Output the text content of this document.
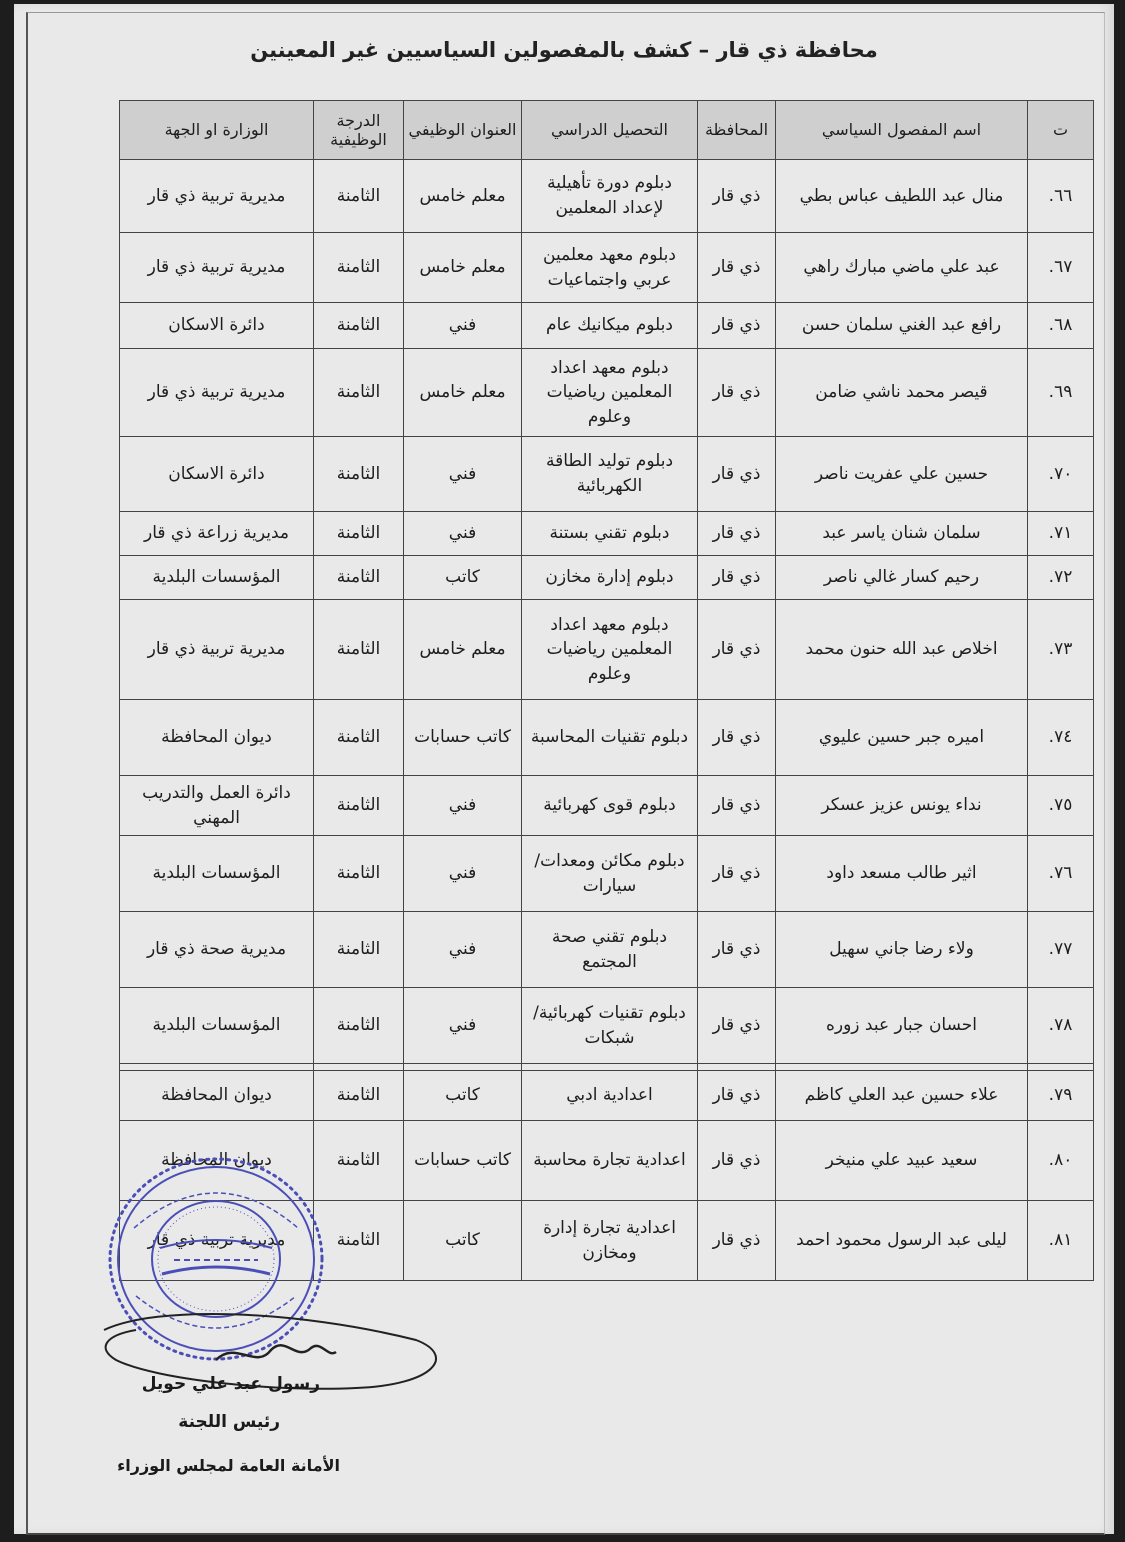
محافظة ذي قار – كشف بالمفصولين السياسيين غير المعينين
ت	اسم المفصول السياسي	المحافظة	التحصيل الدراسي	العنوان الوظيفي	الدرجة الوظيفية	الوزارة او الجهة
٦٦.	منال عبد اللطيف عباس بطي	ذي قار	دبلوم دورة تأهيلية لإعداد المعلمين	معلم خامس	الثامنة	مديرية تربية ذي قار
٦٧.	عبد علي ماضي مبارك راهي	ذي قار	دبلوم معهد معلمين عربي واجتماعيات	معلم خامس	الثامنة	مديرية تربية ذي قار
٦٨.	رافع عبد الغني سلمان حسن	ذي قار	دبلوم ميكانيك عام	فني	الثامنة	دائرة الاسكان
٦٩.	قيصر محمد ناشي ضامن	ذي قار	دبلوم معهد اعداد المعلمين رياضيات وعلوم	معلم خامس	الثامنة	مديرية تربية ذي قار
٧٠.	حسين علي عفريت ناصر	ذي قار	دبلوم توليد الطاقة الكهربائية	فني	الثامنة	دائرة الاسكان
٧١.	سلمان شنان ياسر عبد	ذي قار	دبلوم تقني بستنة	فني	الثامنة	مديرية زراعة ذي قار
٧٢.	رحيم كسار غالي ناصر	ذي قار	دبلوم إدارة مخازن	كاتب	الثامنة	المؤسسات البلدية
٧٣.	اخلاص عبد الله حنون محمد	ذي قار	دبلوم معهد اعداد المعلمين رياضيات وعلوم	معلم خامس	الثامنة	مديرية تربية ذي قار
٧٤.	اميره جبر حسين عليوي	ذي قار	دبلوم تقنيات المحاسبة	كاتب حسابات	الثامنة	ديوان المحافظة
٧٥.	نداء يونس عزيز عسكر	ذي قار	دبلوم قوى كهربائية	فني	الثامنة	دائرة العمل والتدريب المهني
٧٦.	اثير طالب مسعد داود	ذي قار	دبلوم مكائن ومعدات/سيارات	فني	الثامنة	المؤسسات البلدية
٧٧.	ولاء رضا جاني سهيل	ذي قار	دبلوم تقني صحة المجتمع	فني	الثامنة	مديرية صحة ذي قار
٧٨.	احسان جبار عبد زوره	ذي قار	دبلوم تقنيات كهربائية/شبكات	فني	الثامنة	المؤسسات البلدية

٧٩.	علاء حسين عبد العلي كاظم	ذي قار	اعدادية ادبي	كاتب	الثامنة	ديوان المحافظة
٨٠.	سعيد عبيد علي منيخر	ذي قار	اعدادية تجارة محاسبة	كاتب حسابات	الثامنة	ديوان المحافظة
٨١.	ليلى عبد الرسول محمود احمد	ذي قار	اعدادية تجارة إدارة ومخازن	كاتب	الثامنة	مديرية تربية ذي قار
رسول عبد علي حويل
رئيس اللجنة
الأمانة العامة لمجلس الوزراء
